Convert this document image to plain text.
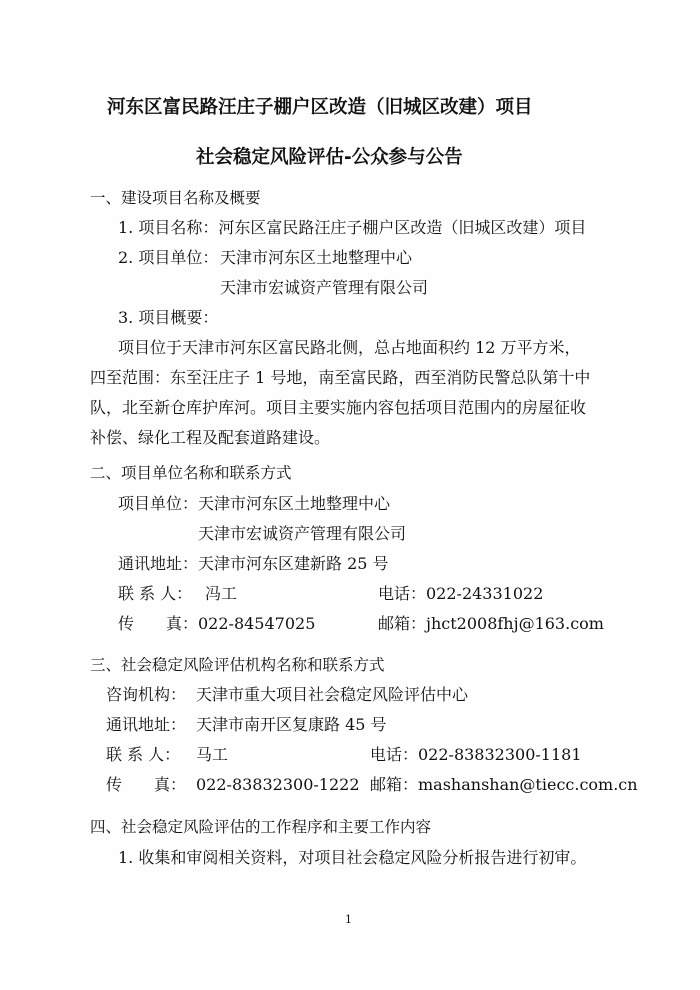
河东区富民路汪庄子棚户区改造（旧城区改建）项目
社会稳定风险评估-公众参与公告
一、建设项目名称及概要
1. 项目名称：河东区富民路汪庄子棚户区改造（旧城区改建）项目
2. 项目单位： 天津市河东区土地整理中心
天津市宏诚资产管理有限公司
3. 项目概要：
项目位于天津市河东区富民路北侧，总占地面积约 12 万平方米，
四至范围：东至汪庄子 1 号地，南至富民路，西至消防民警总队第十中
队，北至新仓库护库河。项目主要实施内容包括项目范围内的房屋征收
补偿、绿化工程及配套道路建设。
二、项目单位名称和联系方式
项目单位： 天津市河东区土地整理中心
天津市宏诚资产管理有限公司
通讯地址： 天津市河东区建新路 25 号
联 系 人： 冯工	电话： 022-24331022
传　　真： 022-84547025	邮箱： jhct2008fhj@163.com
三、社会稳定风险评估机构名称和联系方式
咨询机构： 天津市重大项目社会稳定风险评估中心
通讯地址： 天津市南开区复康路 45 号
联 系 人： 马工	电话： 022-83832300-1181
传　　真： 022-83832300-1222 邮箱： mashanshan@tiecc.com.cn
四、社会稳定风险评估的工作程序和主要工作内容
1. 收集和审阅相关资料，对项目社会稳定风险分析报告进行初审。
1
